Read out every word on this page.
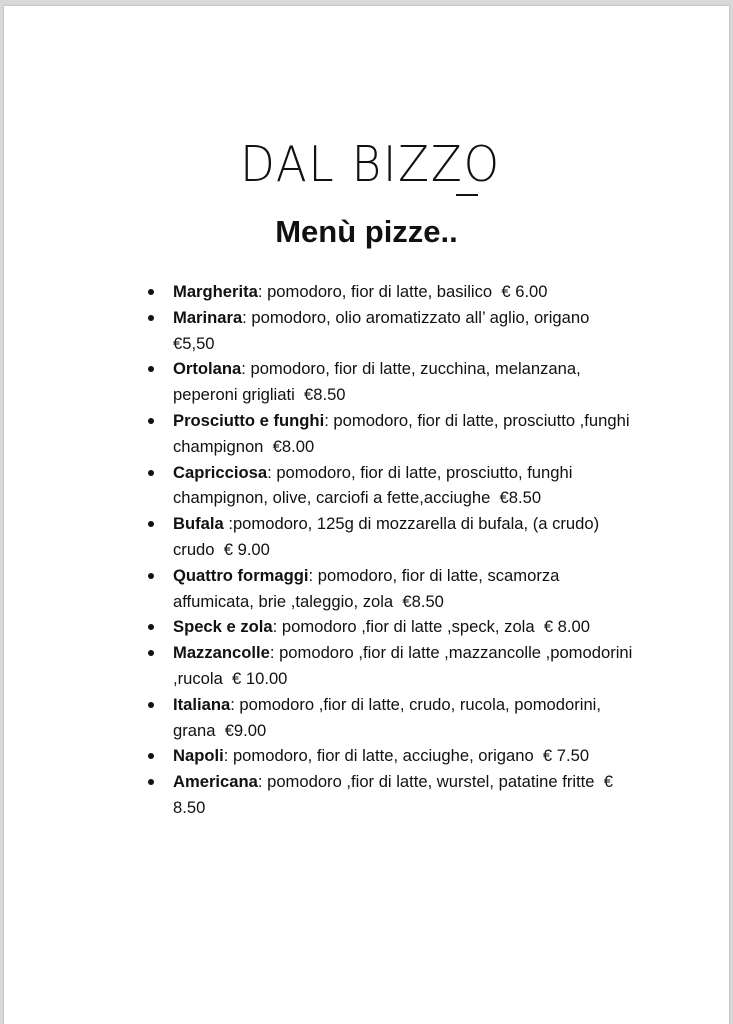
DAL BIZZO
Menù pizze..
Margherita: pomodoro, fior di latte, basilico € 6.00
Marinara: pomodoro, olio aromatizzato all’ aglio, origano    €5,50
Ortolana: pomodoro, fior di latte, zucchina, melanzana, peperoni grigliati €8.50
Prosciutto e funghi: pomodoro, fior di latte, prosciutto ,funghi champignon €8.00
Capricciosa: pomodoro, fior di latte, prosciutto, funghi champignon, olive, carciofi a fette,acciughe €8.50
Bufala :pomodoro, 125g di mozzarella di bufala, (a crudo) crudo € 9.00
Quattro formaggi: pomodoro, fior di latte, scamorza affumicata, brie ,taleggio, zola €8.50
Speck e zola: pomodoro ,fior di latte ,speck, zola € 8.00
Mazzancolle: pomodoro ,fior di latte ,mazzancolle ,pomodorini ,rucola € 10.00
Italiana: pomodoro ,fior di latte, crudo, rucola, pomodorini, grana €9.00
Napoli: pomodoro, fior di latte, acciughe, origano € 7.50
Americana: pomodoro ,fior di latte, wurstel, patatine fritte € 8.50
